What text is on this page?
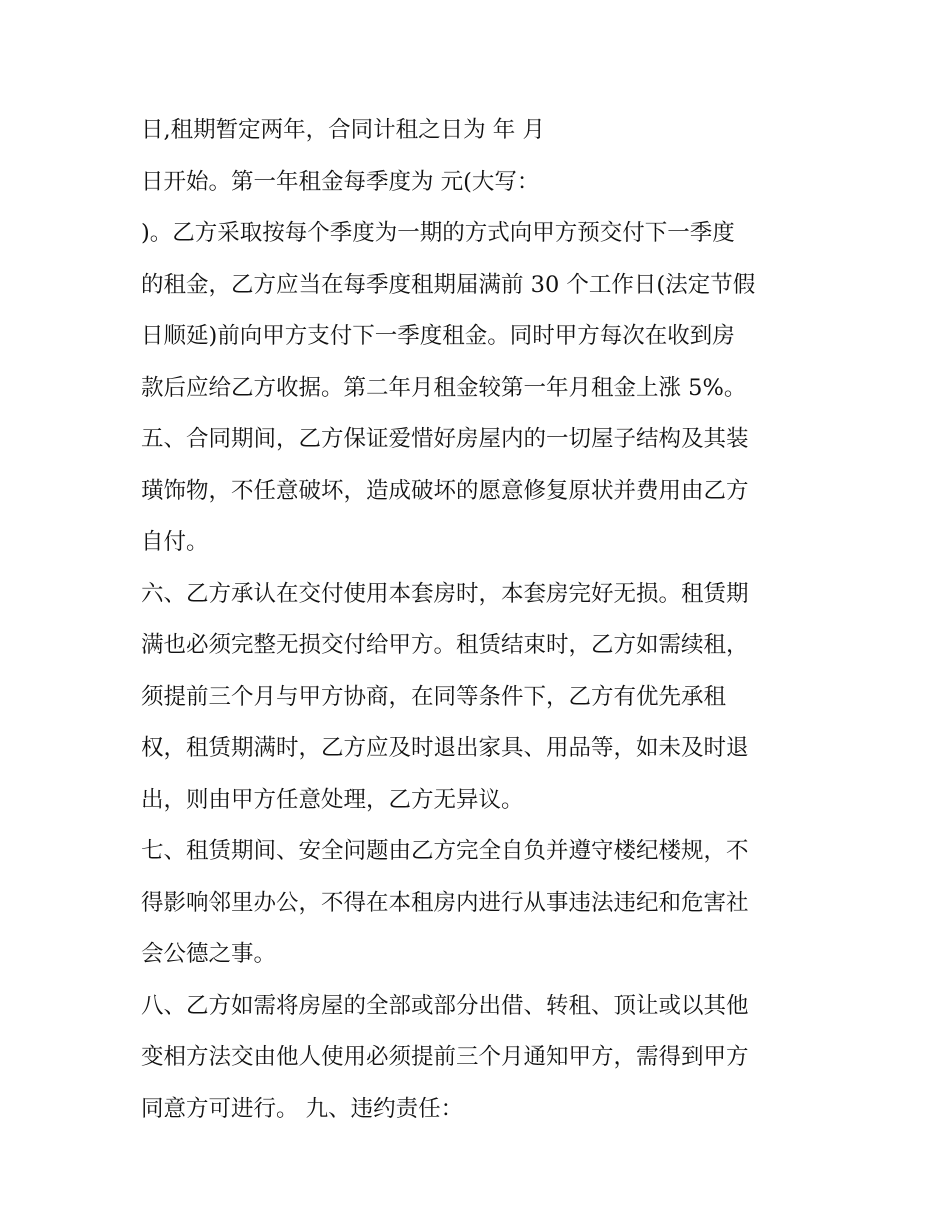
日,租期暂定两年，合同计租之日为 年 月
日开始。第一年租金每季度为 元(大写：
)。乙方采取按每个季度为一期的方式向甲方预交付下一季度
的租金，乙方应当在每季度租期届满前 30 个工作日(法定节假
日顺延)前向甲方支付下一季度租金。同时甲方每次在收到房
款后应给乙方收据。第二年月租金较第一年月租金上涨 5%。
五、合同期间，乙方保证爱惜好房屋内的一切屋子结构及其装
璜饰物，不任意破坏，造成破坏的愿意修复原状并费用由乙方
自付。
六、乙方承认在交付使用本套房时，本套房完好无损。租赁期
满也必须完整无损交付给甲方。租赁结束时，乙方如需续租，
须提前三个月与甲方协商，在同等条件下，乙方有优先承租
权，租赁期满时，乙方应及时退出家具、用品等，如未及时退
出，则由甲方任意处理，乙方无异议。
七、租赁期间、安全问题由乙方完全自负并遵守楼纪楼规，不
得影响邻里办公，不得在本租房内进行从事违法违纪和危害社
会公德之事。
八、乙方如需将房屋的全部或部分出借、转租、顶让或以其他
变相方法交由他人使用必须提前三个月通知甲方，需得到甲方
同意方可进行。 九、违约责任：
